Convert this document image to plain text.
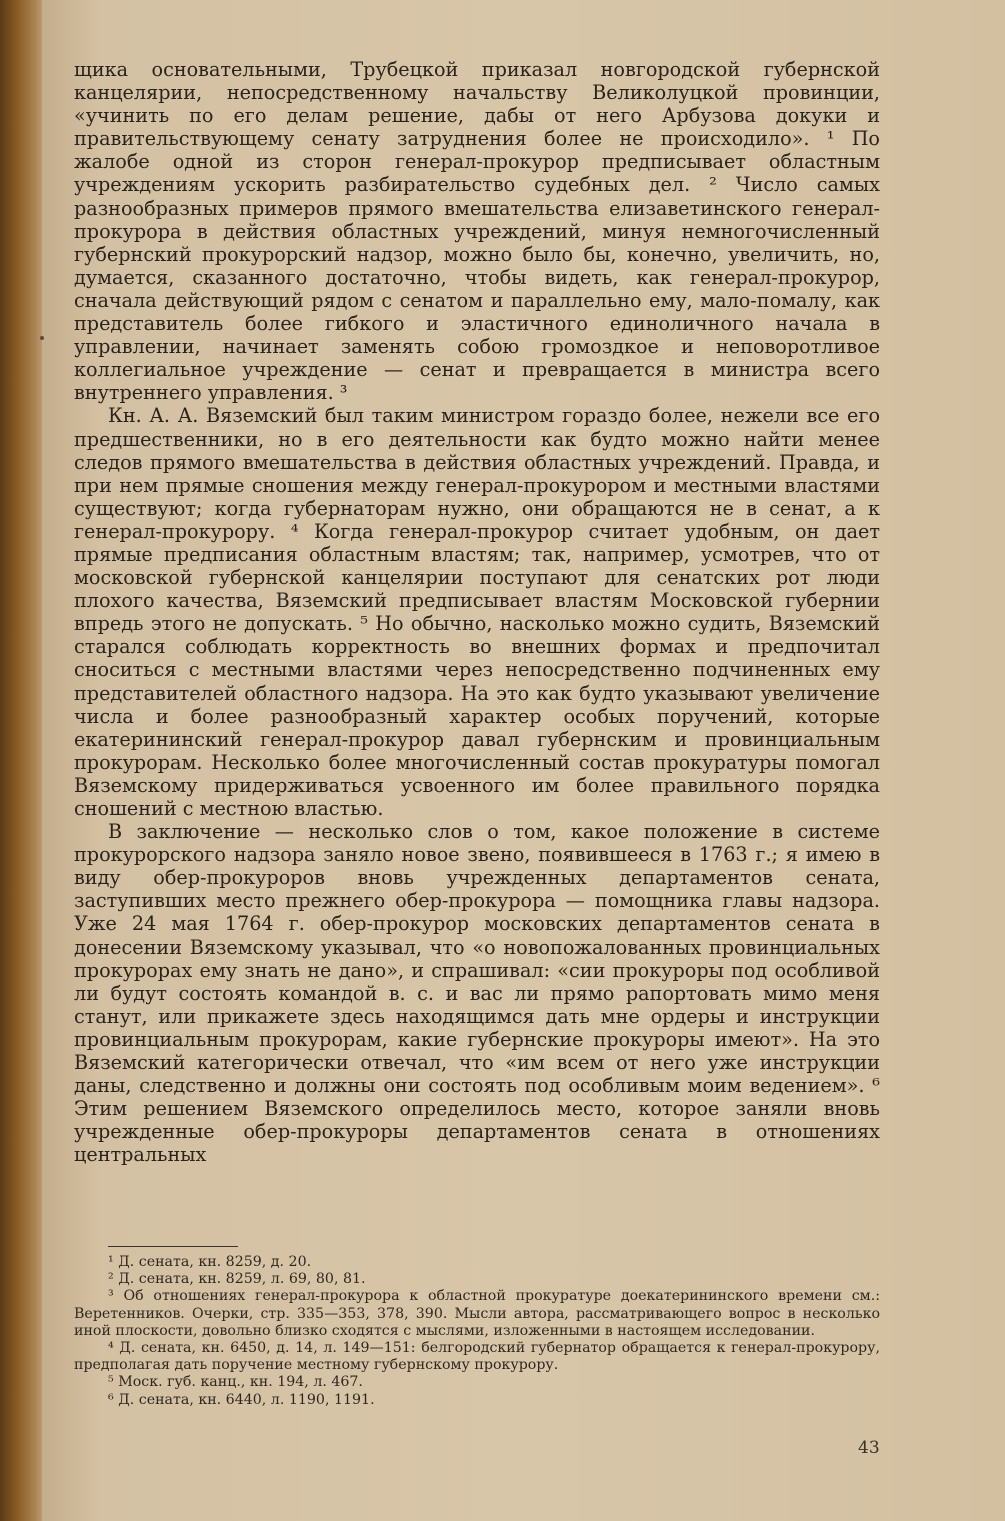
щика основательными, Трубецкой приказал новгородской губернской канцелярии, непосредственному начальству Великолуцкой провинции, «учинить по его делам решение, дабы от него Арбузова докуки и правительствующему сенату затруднения более не происходило». ¹ По жалобе одной из сторон генерал-прокурор предписывает областным учреждениям ускорить разбирательство судебных дел. ² Число самых разнообразных примеров прямого вмешательства елизаветинского генерал-прокурора в действия областных учреждений, минуя немногочисленный губернский прокурорский надзор, можно было бы, конечно, увеличить, но, думается, сказанного достаточно, чтобы видеть, как генерал-прокурор, сначала действующий рядом с сенатом и параллельно ему, мало-помалу, как представитель более гибкого и эластичного единоличного начала в управлении, начинает заменять собою громоздкое и неповоротливое коллегиальное учреждение — сенат и превращается в министра всего внутреннего управления. ³

Кн. А. А. Вяземский был таким министром гораздо более, нежели все его предшественники, но в его деятельности как будто можно найти менее следов прямого вмешательства в действия областных учреждений. Правда, и при нем прямые сношения между генерал-прокурором и местными властями существуют; когда губернаторам нужно, они обращаются не в сенат, а к генерал-прокурору. ⁴ Когда генерал-прокурор считает удобным, он дает прямые предписания областным властям; так, например, усмотрев, что от московской губернской канцелярии поступают для сенатских рот люди плохого качества, Вяземский предписывает властям Московской губернии впредь этого не допускать. ⁵ Но обычно, насколько можно судить, Вяземский старался соблюдать корректность во внешних формах и предпочитал сноситься с местными властями через непосредственно подчиненных ему представителей областного надзора. На это как будто указывают увеличение числа и более разнообразный характер особых поручений, которые екатерининский генерал-прокурор давал губернским и провинциальным прокурорам. Несколько более многочисленный состав прокуратуры помогал Вяземскому придерживаться усвоенного им более правильного порядка сношений с местною властью.

В заключение — несколько слов о том, какое положение в системе прокурорского надзора заняло новое звено, появившееся в 1763 г.; я имею в виду обер-прокуроров вновь учрежденных департаментов сената, заступивших место прежнего обер-прокурора — помощника главы надзора. Уже 24 мая 1764 г. обер-прокурор московских департаментов сената в донесении Вяземскому указывал, что «о новопожалованных провинциальных прокурорах ему знать не дано», и спрашивал: «сии прокуроры под особливой ли будут состоять командой в. с. и вас ли прямо рапортовать мимо меня станут, или прикажете здесь находящимся дать мне ордеры и инструкции провинциальным прокурорам, какие губернские прокуроры имеют». На это Вяземский категорически отвечал, что «им всем от него уже инструкции даны, следственно и должны они состоять под особливым моим ведением». ⁶ Этим решением Вяземского определилось место, которое заняли вновь учрежденные обер-прокуроры департаментов сената в отношениях центральных

¹ Д. сената, кн. 8259, д. 20.

² Д. сената, кн. 8259, л. 69, 80, 81.

³ Об отношениях генерал-прокурора к областной прокуратуре доекатерининского времени см.: Веретенников. Очерки, стр. 335—353, 378, 390. Мысли автора, рассматривающего вопрос в несколько иной плоскости, довольно близко сходятся с мыслями, изложенными в настоящем исследовании.

⁴ Д. сената, кн. 6450, д. 14, л. 149—151: белгородский губернатор обращается к генерал-прокурору, предполагая дать поручение местному губернскому прокурору.

⁵ Моск. губ. канц., кн. 194, л. 467.

⁶ Д. сената, кн. 6440, л. 1190, 1191.

43
